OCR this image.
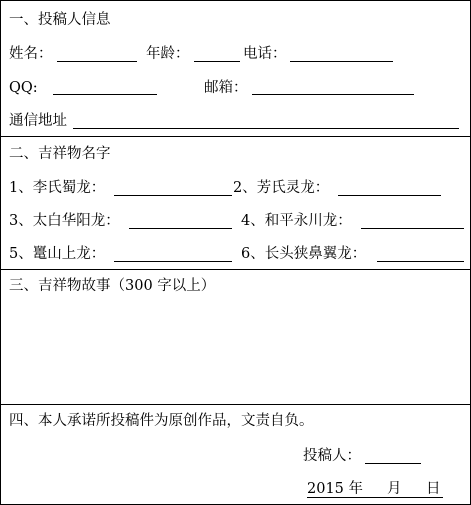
一、投稿人信息
姓名：	年龄：	电话：
QQ:	邮箱：
通信地址
二、吉祥物名字
1、李氏蜀龙：	2、芳氏灵龙：
3、太白华阳龙：	4、和平永川龙：
5、鼍山上龙：	6、长头狭鼻翼龙：
三、吉祥物故事（300 字以上）
四、本人承诺所投稿件为原创作品，文责自负。
投稿人：
2015 年 月 日
